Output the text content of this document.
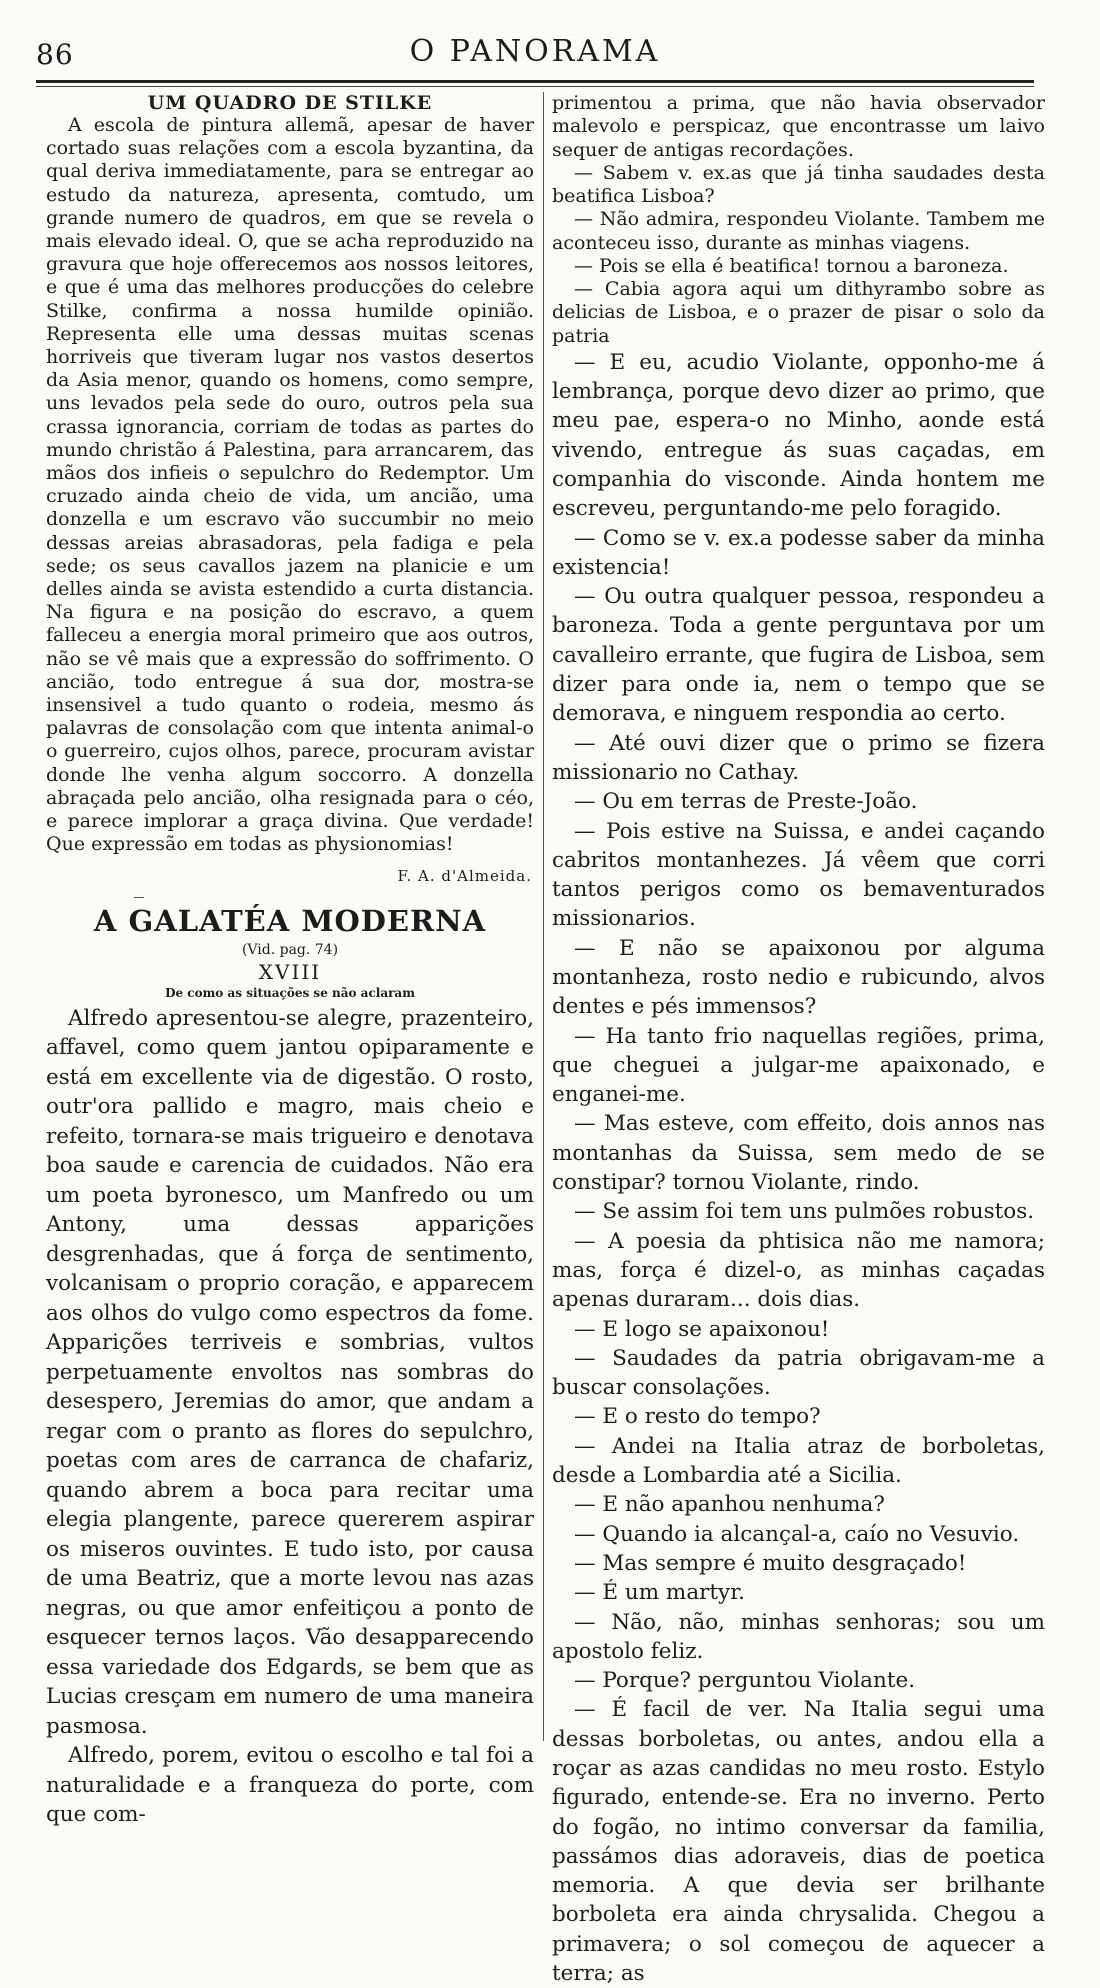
86	O PANORAMA
UM QUADRO DE STILKE

A escola de pintura allemã, apesar de haver cortado suas relações com a escola byzantina, da qual deriva immediatamente, para se entregar ao estudo da natureza, apresenta, comtudo, um grande numero de quadros, em que se revela o mais elevado ideal. O, que se acha reproduzido na gravura que hoje offerecemos aos nossos leitores, e que é uma das melhores producções do celebre Stilke, confirma a nossa humilde opinião. Representa elle uma dessas muitas scenas horriveis que tiveram lugar nos vastos desertos da Asia menor, quando os homens, como sempre, uns levados pela sede do ouro, outros pela sua crassa ignorancia, corriam de todas as partes do mundo christão á Palestina, para arrancarem, das mãos dos infieis o sepulchro do Redemptor. Um cruzado ainda cheio de vida, um ancião, uma donzella e um escravo vão succumbir no meio dessas areias abrasadoras, pela fadiga e pela sede; os seus cavallos jazem na planicie e um delles ainda se avista estendido a curta distancia. Na figura e na posição do escravo, a quem falleceu a energia moral primeiro que aos outros, não se vê mais que a expressão do soffrimento. O ancião, todo entregue á sua dor, mostra-se insensivel a tudo quanto o rodeia, mesmo ás palavras de consolação com que intenta animal-o o guerreiro, cujos olhos, parece, procuram avistar donde lhe venha algum soccorro. A donzella abraçada pelo ancião, olha resignada para o céo, e parece implorar a graça divina. Que verdade! Que expressão em todas as physionomias!

F. A. d'Almeida.
A GALATÉA MODERNA
(Vid. pag. 74)
XVIII
De como as situações se não aclaram

Alfredo apresentou-se alegre, prazenteiro, affavel, como quem jantou opiparamente e está em excellente via de digestão. O rosto, outr'ora pallido e magro, mais cheio e refeito, tornara-se mais trigueiro e denotava boa saude e carencia de cuidados. Não era um poeta byronesco, um Manfredo ou um Antony, uma dessas apparições desgrenhadas, que á força de sentimento, volcanisam o proprio coração, e apparecem aos olhos do vulgo como espectros da fome. Apparições terriveis e sombrias, vultos perpetuamente envoltos nas sombras do desespero, Jeremias do amor, que andam a regar com o pranto as flores do sepulchro, poetas com ares de carranca de chafariz, quando abrem a boca para recitar uma elegia plangente, parece quererem aspirar os miseros ouvintes. E tudo isto, por causa de uma Beatriz, que a morte levou nas azas negras, ou que amor enfeitiçou a ponto de esquecer ternos laços. Vão desapparecendo essa variedade dos Edgards, se bem que as Lucias cresçam em numero de uma maneira pasmosa.

Alfredo, porem, evitou o escolho e tal foi a naturalidade e a franqueza do porte, com que com-

primentou a prima, que não havia observador malevolo e perspicaz, que encontrasse um laivo sequer de antigas recordações.

— Sabem v. ex.as que já tinha saudades desta beatifica Lisboa?

— Não admira, respondeu Violante. Tambem me aconteceu isso, durante as minhas viagens.

— Pois se ella é beatifica! tornou a baroneza.

— Cabia agora aqui um dithyrambo sobre as delicias de Lisboa, e o prazer de pisar o solo da patria

— E eu, acudio Violante, opponho-me á lembrança, porque devo dizer ao primo, que meu pae, espera-o no Minho, aonde está vivendo, entregue ás suas caçadas, em companhia do visconde. Ainda hontem me escreveu, perguntando-me pelo foragido.

— Como se v. ex.a podesse saber da minha existencia!

— Ou outra qualquer pessoa, respondeu a baroneza. Toda a gente perguntava por um cavalleiro errante, que fugira de Lisboa, sem dizer para onde ia, nem o tempo que se demorava, e ninguem respondia ao certo.

— Até ouvi dizer que o primo se fizera missionario no Cathay.

— Ou em terras de Preste-João.

— Pois estive na Suissa, e andei caçando cabritos montanhezes. Já vêem que corri tantos perigos como os bemaventurados missionarios.

— E não se apaixonou por alguma montanheza, rosto nedio e rubicundo, alvos dentes e pés immensos?

— Ha tanto frio naquellas regiões, prima, que cheguei a julgar-me apaixonado, e enganei-me.

— Mas esteve, com effeito, dois annos nas montanhas da Suissa, sem medo de se constipar? tornou Violante, rindo.

— Se assim foi tem uns pulmões robustos.

— A poesia da phtisica não me namora; mas, força é dizel-o, as minhas caçadas apenas duraram... dois dias.

— E logo se apaixonou!

— Saudades da patria obrigavam-me a buscar consolações.

— E o resto do tempo?

— Andei na Italia atraz de borboletas, desde a Lombardia até a Sicilia.

— E não apanhou nenhuma?

— Quando ia alcançal-a, caío no Vesuvio.

— Mas sempre é muito desgraçado!

— É um martyr.

— Não, não, minhas senhoras; sou um apostolo feliz.

— Porque? perguntou Violante.

— É facil de ver. Na Italia segui uma dessas borboletas, ou antes, andou ella a roçar as azas candidas no meu rosto. Estylo figurado, entende-se. Era no inverno. Perto do fogão, no intimo conversar da familia, passámos dias adoraveis, dias de poetica memoria. A que devia ser brilhante borboleta era ainda chrysalida. Chegou a primavera; o sol começou de aquecer a terra; as
